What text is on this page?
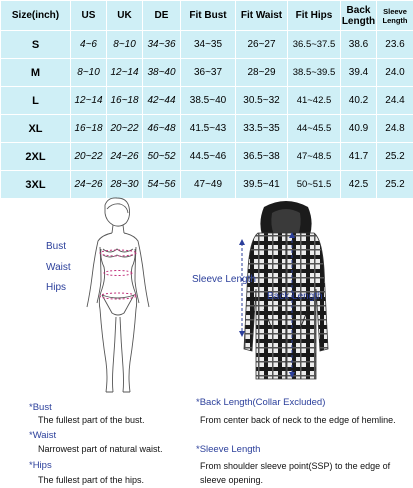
Size(inch)	US	UK	DE	Fit Bust	Fit Waist	Fit Hips	Back Length	Sleeve Length
S	4~6	8~10	34~36	34~35	26~27	36.5~37.5	38.6	23.6
M	8~10	12~14	38~40	36~37	28~29	38.5~39.5	39.4	24.0
L	12~14	16~18	42~44	38.5~40	30.5~32	41~42.5	40.2	24.4
XL	16~18	20~22	46~48	41.5~43	33.5~35	44~45.5	40.9	24.8
2XL	20~22	24~26	50~52	44.5~46	36.5~38	47~48.5	41.7	25.2
3XL	24~26	28~30	54~56	47~49	39.5~41	50~51.5	42.5	25.2
Bust
Waist
Hips
Sleeve Length
Back Length
*Bust
The fullest part of the bust.
*Waist
Narrowest part of natural waist.
*Hips
The fullest part of the hips.
*Back Length(Collar Excluded)
From center back of neck to the edge of hemline.
*Sleeve Length
From shoulder sleeve point(SSP) to the edge of sleeve opening.
